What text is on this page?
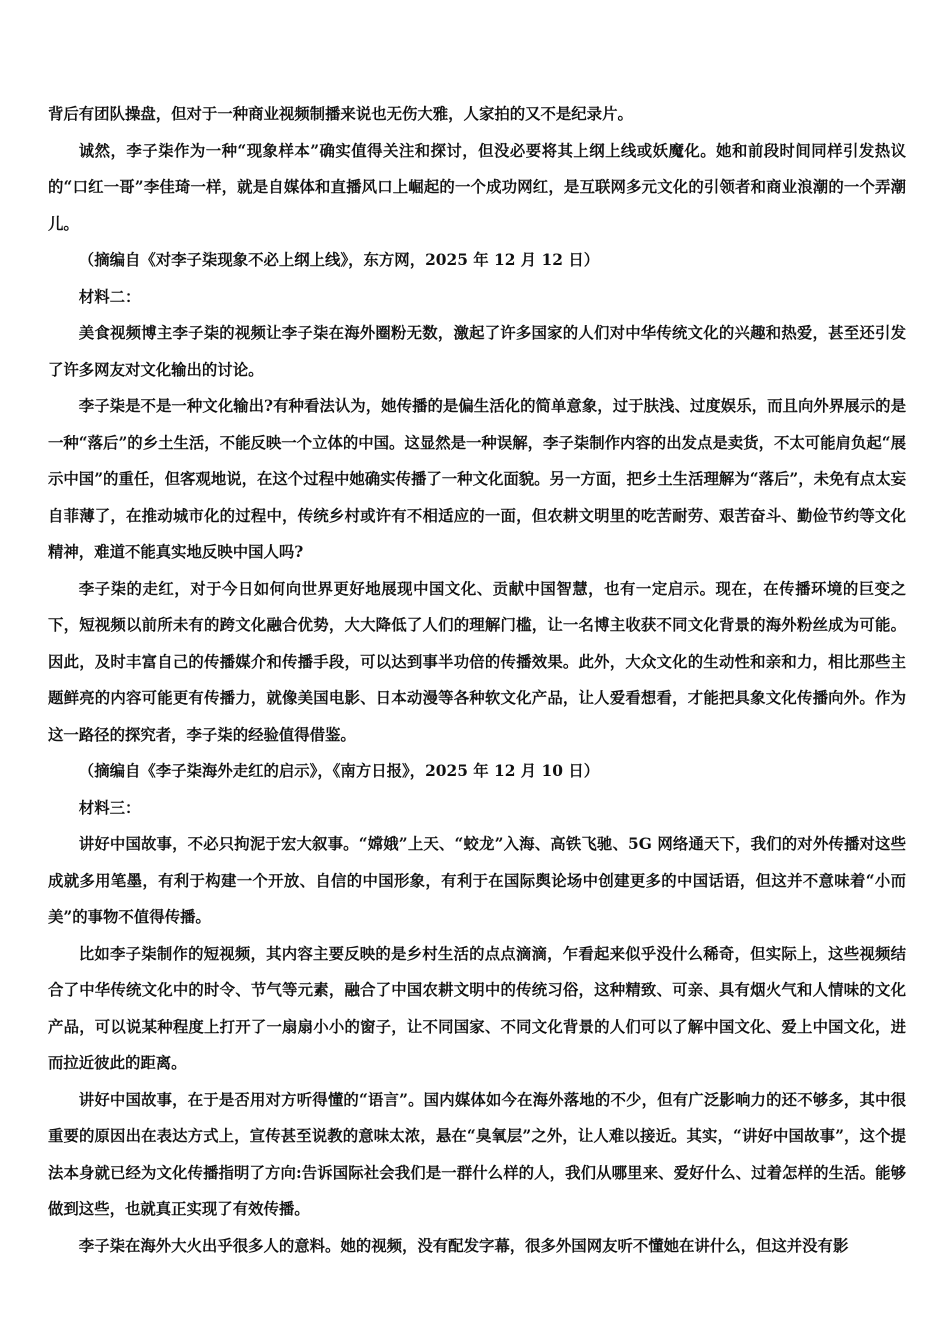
背后有团队操盘，但对于一种商业视频制播来说也无伤大雅，人家拍的又不是纪录片。

诚然，李子柒作为一种“现象样本”确实值得关注和探讨，但没必要将其上纲上线或妖魔化。她和前段时间同样引发热议的“口红一哥”李佳琦一样，就是自媒体和直播风口上崛起的一个成功网红，是互联网多元文化的引领者和商业浪潮的一个弄潮儿。

（摘编自《对李子柒现象不必上纲上线》，东方网，2025 年 12 月 12 日）

材料二：

美食视频博主李子柒的视频让李子柒在海外圈粉无数，激起了许多国家的人们对中华传统文化的兴趣和热爱，甚至还引发了许多网友对文化输出的讨论。

李子柒是不是一种文化输出?有种看法认为，她传播的是偏生活化的简单意象，过于肤浅、过度娱乐，而且向外界展示的是一种“落后”的乡土生活，不能反映一个立体的中国。这显然是一种误解，李子柒制作内容的出发点是卖货，不太可能肩负起“展示中国”的重任，但客观地说，在这个过程中她确实传播了一种文化面貌。另一方面，把乡土生活理解为“落后”，未免有点太妄自菲薄了，在推动城市化的过程中，传统乡村或许有不相适应的一面，但农耕文明里的吃苦耐劳、艰苦奋斗、勤俭节约等文化精神，难道不能真实地反映中国人吗?

李子柒的走红，对于今日如何向世界更好地展现中国文化、贡献中国智慧，也有一定启示。现在，在传播环境的巨变之下，短视频以前所未有的跨文化融合优势，大大降低了人们的理解门槛，让一名博主收获不同文化背景的海外粉丝成为可能。因此，及时丰富自己的传播媒介和传播手段，可以达到事半功倍的传播效果。此外，大众文化的生动性和亲和力，相比那些主题鲜亮的内容可能更有传播力，就像美国电影、日本动漫等各种软文化产品，让人爱看想看，才能把具象文化传播向外。作为这一路径的探究者，李子柒的经验值得借鉴。

（摘编自《李子柒海外走红的启示》，《南方日报》，2025 年 12 月 10 日）

材料三：

讲好中国故事，不必只拘泥于宏大叙事。“嫦娥”上天、“蛟龙”入海、高铁飞驰、5G 网络通天下，我们的对外传播对这些成就多用笔墨，有利于构建一个开放、自信的中国形象，有利于在国际舆论场中创建更多的中国话语，但这并不意味着“小而美”的事物不值得传播。

比如李子柒制作的短视频，其内容主要反映的是乡村生活的点点滴滴，乍看起来似乎没什么稀奇，但实际上，这些视频结合了中华传统文化中的时令、节气等元素，融合了中国农耕文明中的传统习俗，这种精致、可亲、具有烟火气和人情味的文化产品，可以说某种程度上打开了一扇扇小小的窗子，让不同国家、不同文化背景的人们可以了解中国文化、爱上中国文化，进而拉近彼此的距离。

讲好中国故事，在于是否用对方听得懂的“语言”。国内媒体如今在海外落地的不少，但有广泛影响力的还不够多，其中很重要的原因出在表达方式上，宣传甚至说教的意味太浓，悬在“臭氧层”之外，让人难以接近。其实，“讲好中国故事”，这个提法本身就已经为文化传播指明了方向:告诉国际社会我们是一群什么样的人，我们从哪里来、爱好什么、过着怎样的生活。能够做到这些，也就真正实现了有效传播。

李子柒在海外大火出乎很多人的意料。她的视频，没有配发字幕，很多外国网友听不懂她在讲什么，但这并没有影
